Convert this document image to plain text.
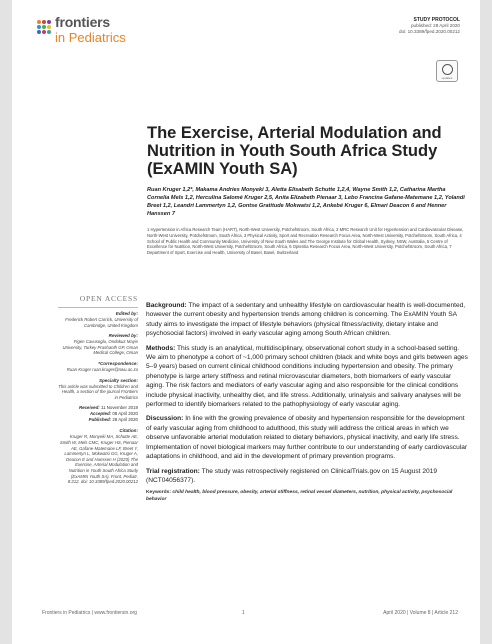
frontiers
in Pediatrics
STUDY PROTOCOL
published: 28 April 2020
doi: 10.3389/fped.2020.00212
updates
The Exercise, Arterial Modulation and Nutrition in Youth South Africa Study (ExAMIN Youth SA)
Ruan Kruger 1,2*, Makama Andries Monyeki 3, Aletta Elisabeth Schutte 1,2,4, Wayne Smith 1,2, Catharina Martha Cornelia Mels 1,2, Herculina Salomé Kruger 2,5, Anita Elizabeth Pienaar 3, Lebo Francina Gafane-Matemane 1,2, Yolandi Breet 1,2, Leandri Lammertyn 1,2, Gontse Gratitude Mokwatsi 1,2, Ankebé Kruger 6, Elmari Deacon 6 and Henner Hanssen 7
1 Hypertension in Africa Research Team (HART), North-West University, Potchefstroom, South Africa, 2 MRC Research Unit for Hypertension and Cardiovascular Disease, North-West University, Potchefstroom, South Africa, 3 Physical Activity, Sport and Recreation Research Focus Area, North-West University, Potchefstroom, South Africa, 4 School of Public Health and Community Medicine, University of New South Wales and The George Institute for Global Health, Sydney, NSW, Australia, 5 Centre of Excellence for Nutrition, North-West University, Potchefstroom, South Africa, 6 Optentia Research Focus Area, North-West University, Potchefstroom, South Africa, 7 Department of Sport, Exercise and Health, University of Basel, Basel, Switzerland
OPEN ACCESS
Edited by:
Frederick Robert Carrick, University of Cambridge, United Kingdom
Reviewed by:
Figen Cavusoglu, Ondokuz Mayis University, Turkey Prashanth GP, Oman Medical College, Oman
*Correspondence:
Ruan Kruger ruan.kruger@nwu.ac.za
Specialty section:
This article was submitted to Children and Health, a section of the journal Frontiers in Pediatrics
Received: 11 November 2019
Accepted: 08 April 2020
Published: 28 April 2020
Citation:
Kruger R, Monyeki MA, Schutte AE, Smith W, Mels CMC, Kruger HS, Pienaar AE, Gafane-Matemane LF, Breet Y, Lammertyn L, Mokwatsi GG, Kruger A, Deacon E and Hanssen H (2020) The Exercise, Arterial Modulation and Nutrition in Youth South Africa Study (ExAMIN Youth SA). Front. Pediatr. 8:212. doi: 10.3389/fped.2020.00212

Background: The impact of a sedentary and unhealthy lifestyle on cardiovascular health is well-documented, however the current obesity and hypertension trends among children is concerning. The ExAMIN Youth SA study aims to investigate the impact of lifestyle behaviors (physical fitness/activity, dietary intake and psychosocial factors) involved in early vascular aging among South African children.

Methods: This study is an analytical, multidisciplinary, observational cohort study in a school-based setting. We aim to phenotype a cohort of ~1,000 primary school children (black and white boys and girls between ages 5–9 years) based on current clinical childhood conditions including hypertension and obesity. The primary phenotype is large artery stiffness and retinal microvascular diameters, both biomarkers of early vascular aging. The risk factors and mediators of early vascular aging and also responsible for the clinical conditions include physical inactivity, unhealthy diet, and life stress. Additionally, urinalysis and salivary analyses will be performed to identify biomarkers related to the pathophysiology of early vascular aging.

Discussion: In line with the growing prevalence of obesity and hypertension responsible for the development of early vascular aging from childhood to adulthood, this study will address the critical areas in which we observe unfavorable arterial modulation related to dietary behaviors, physical inactivity, and early life stress. Implementation of novel biological markers may further contribute to our understanding of early cardiovascular adaptations in childhood, and aid in the development of primary prevention programs.

Trial registration: The study was retrospectively registered on ClinicalTrials.gov on 15 August 2019 (NCT04056377).

Keywords: child health, blood pressure, obesity, arterial stiffness, retinal vessel diameters, nutrition, physical activity, psychosocial behavior

Frontiers in Pediatrics | www.frontiersin.org	1	April 2020 | Volume 8 | Article 212
